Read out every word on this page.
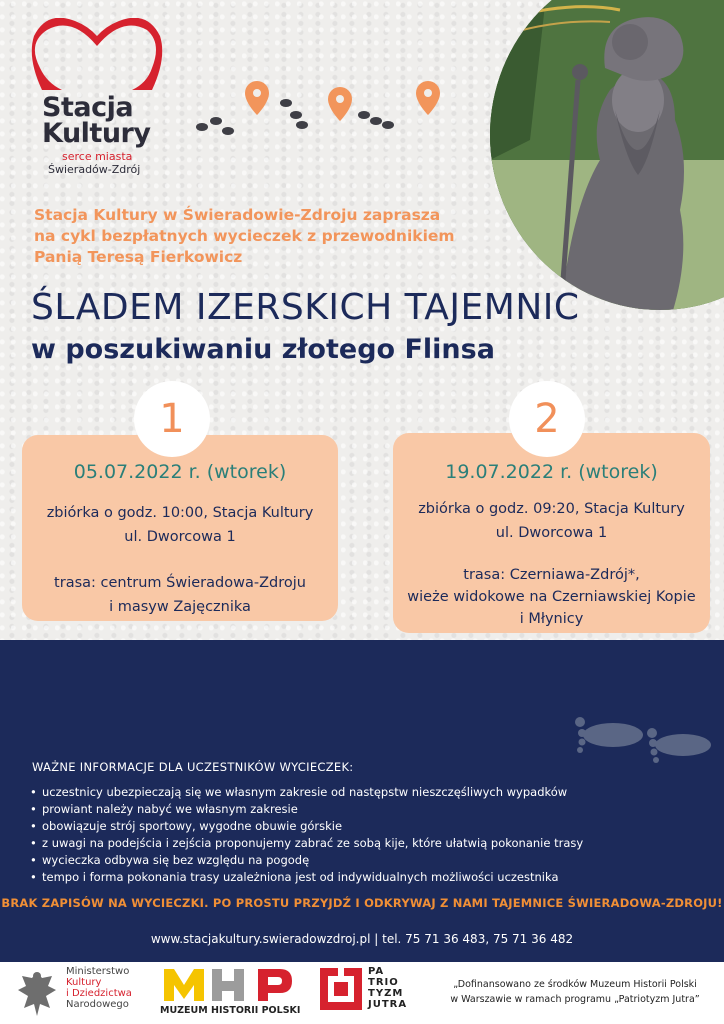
Stacja
Kultury
serce miasta
Świeradów-Zdrój
Stacja Kultury w Świeradowie-Zdroju zaprasza
na cykl bezpłatnych wycieczek z przewodnikiem
Panią Teresą Fierkowicz
ŚLADEM IZERSKICH TAJEMNIC
w poszukiwaniu złotego Flinsa
05.07.2022 r. (wtorek)
zbiórka o godz. 10:00, Stacja Kultury
ul. Dworcowa 1
trasa: centrum Świeradowa-Zdroju
i masyw Zajęcznika
1
19.07.2022 r. (wtorek)
zbiórka o godz. 09:20, Stacja Kultury
ul. Dworcowa 1
trasa: Czerniawa-Zdrój*,
wieże widokowe na Czerniawskiej Kopie
i Młynicy
2
WAŻNE INFORMACJE DLA UCZESTNIKÓW WYCIECZEK:
• uczestnicy ubezpieczają się we własnym zakresie od następstw nieszczęśliwych wypadków
• prowiant należy nabyć we własnym zakresie
• obowiązuje strój sportowy, wygodne obuwie górskie
• z uwagi na podejścia i zejścia proponujemy zabrać ze sobą kije, które ułatwią pokonanie trasy
• wycieczka odbywa się bez względu na pogodę
• tempo i forma pokonania trasy uzależniona jest od indywidualnych możliwości uczestnika
BRAK ZAPISÓW NA WYCIECZKI. PO PROSTU PRZYJDŹ I ODKRYWAJ Z NAMI TAJEMNICE ŚWIERADOWA-ZDROJU!
www.stacjakultury.swieradowzdroj.pl | tel. 75 71 36 483, 75 71 36 482
Ministerstwo
Kultury
i Dziedzictwa
Narodowego
MUZEUM HISTORII POLSKI
PA
TRIO
TYZM
JUTRA
„Dofinansowano ze środków Muzeum Historii Polski
w Warszawie w ramach programu „Patriotyzm Jutra”
